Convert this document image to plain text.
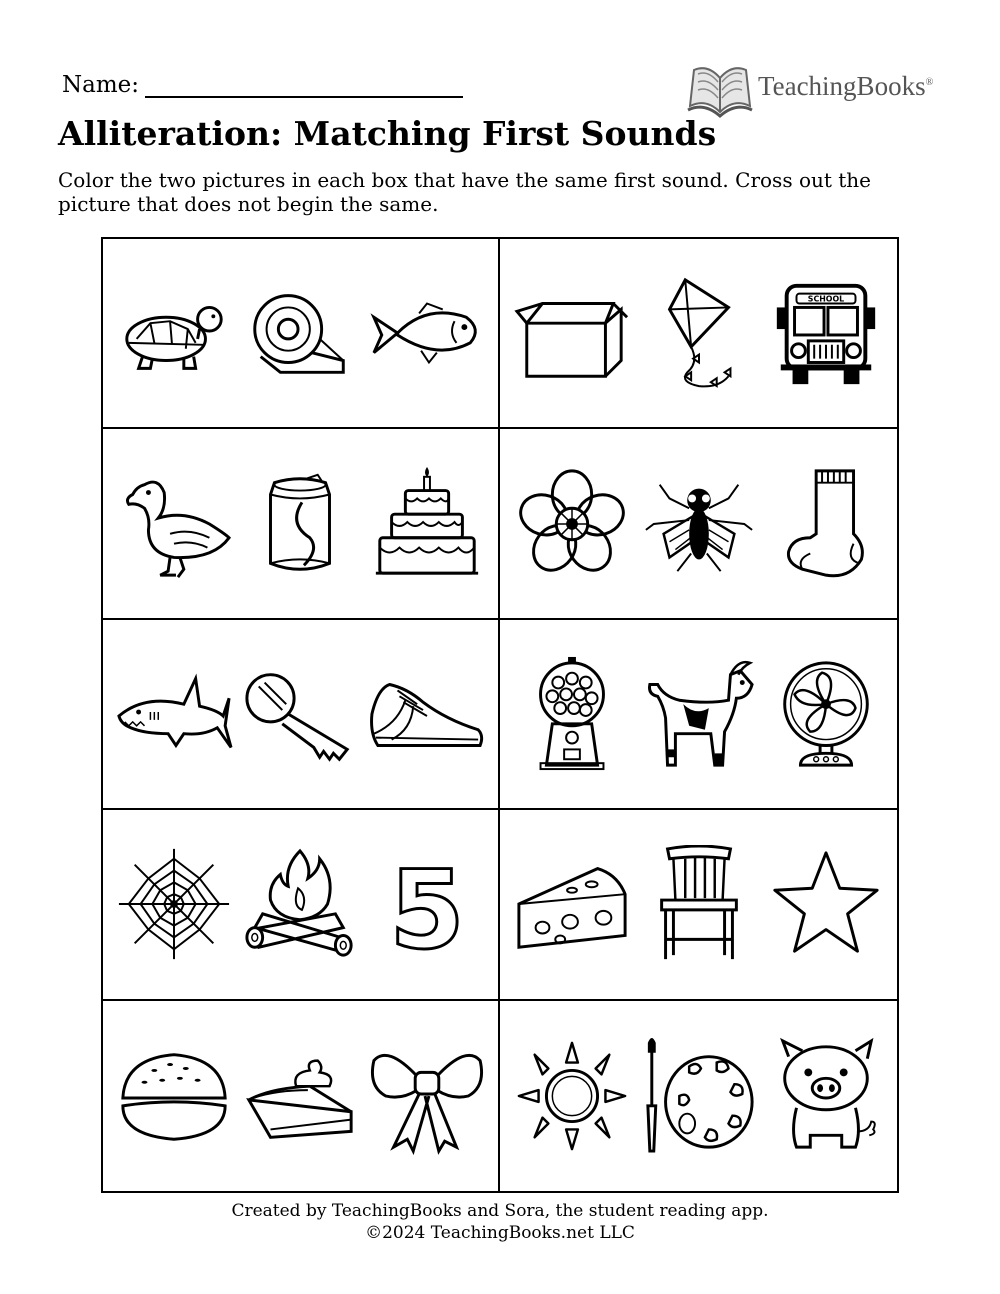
Name:	TeachingBooks®
Alliteration: Matching First Sounds

Color the two pictures in each box that have the same first sound. Cross out the picture that does not begin the same.

SCHOOL
5
Created by TeachingBooks and Sora, the student reading app.
©2024 TeachingBooks.net LLC
